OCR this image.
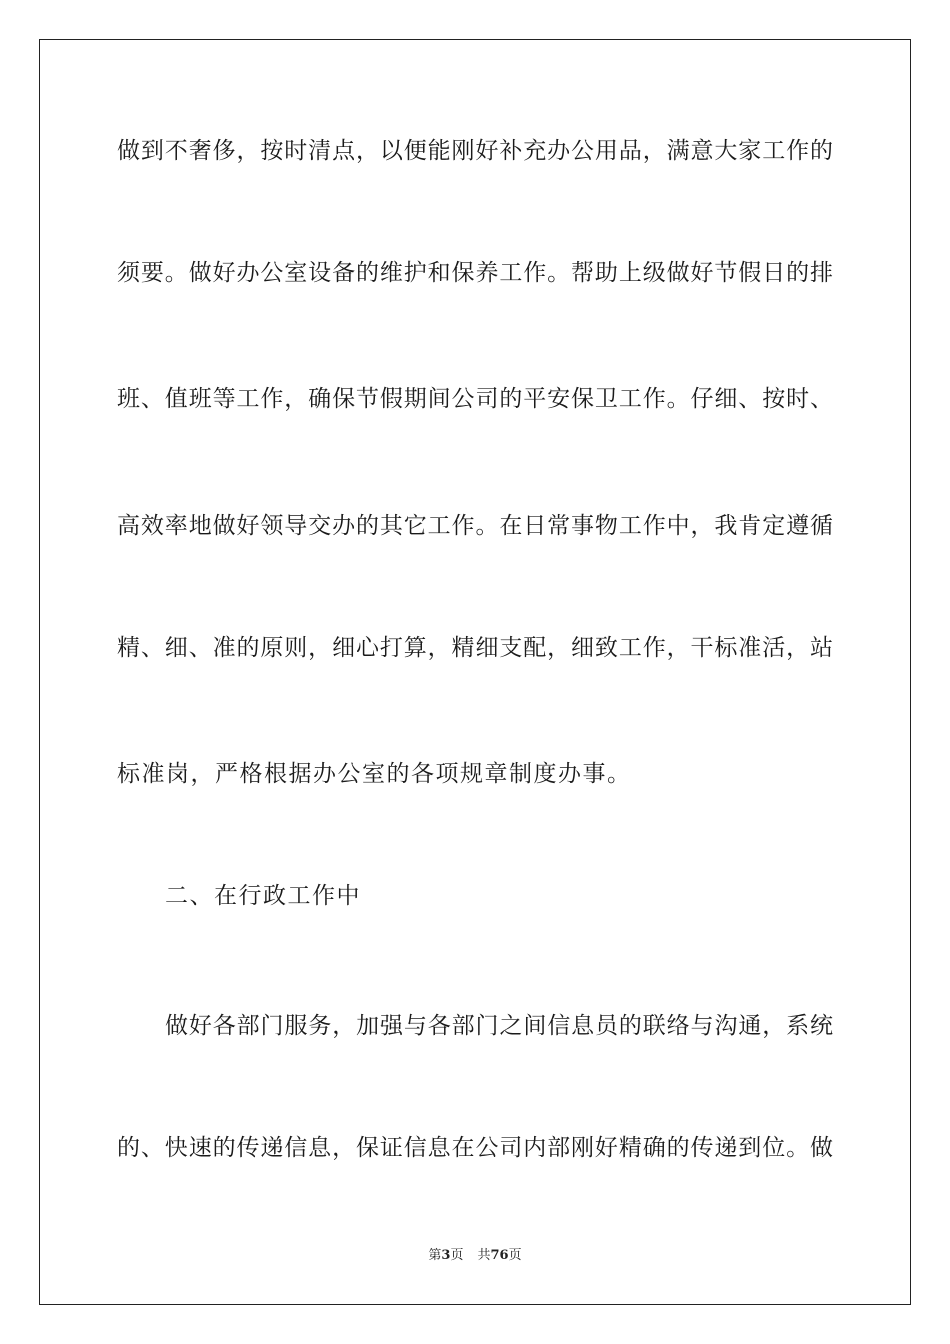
做到不奢侈，按时清点，以便能刚好补充办公用品，满意大家工作的
须要。做好办公室设备的维护和保养工作。帮助上级做好节假日的排
班、值班等工作，确保节假期间公司的平安保卫工作。仔细、按时、
高效率地做好领导交办的其它工作。在日常事物工作中，我肯定遵循
精、细、准的原则，细心打算，精细支配，细致工作，干标准活，站
标准岗，严格根据办公室的各项规章制度办事。
二、在行政工作中
做好各部门服务，加强与各部门之间信息员的联络与沟通，系统
的、快速的传递信息，保证信息在公司内部刚好精确的传递到位。做
第3页 共76页
